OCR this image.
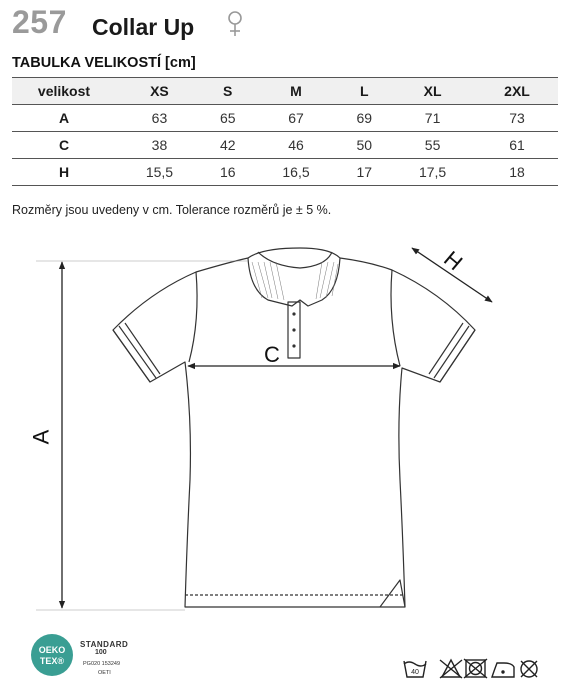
257 Collar Up
TABULKA VELIKOSTÍ [cm]
velikost	XS	S	M	L	XL	2XL
A	63	65	67	69	71	73
C	38	42	46	50	55	61
H	15,5	16	16,5	17	17,5	18
Rozměry jsou uvedeny v cm. Tolerance rozměrů je ± 5 %.
H
C
A
OEKO
TEX®
STANDARD
100
PG020 153249
OETI	40
